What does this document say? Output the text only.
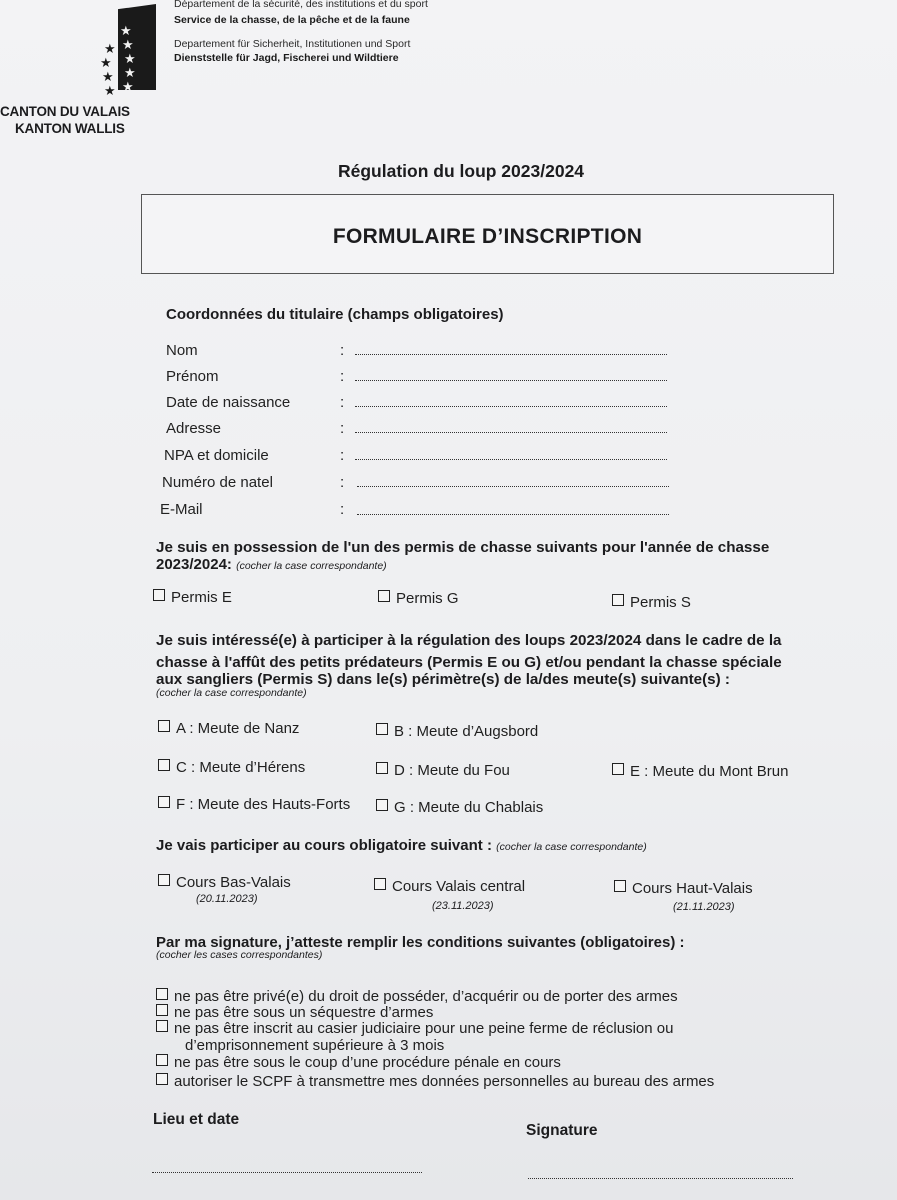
★
★
★
★
★
★
★
★
★
★
CANTON DU VALAIS
KANTON WALLIS
Département de la sécurité, des institutions et du sport
Service de la chasse, de la pêche et de la faune
Departement für Sicherheit, Institutionen und Sport
Dienststelle für Jagd, Fischerei und Wildtiere
Régulation du loup 2023/2024
FORMULAIRE D’INSCRIPTION
Coordonnées du titulaire (champs obligatoires)
Nom	:
Prénom	:
Date de naissance	:
Adresse	:
NPA et domicile	:
Numéro de natel	:
E-Mail	:
Je suis en possession de l'un des permis de chasse suivants pour l'année de chasse
2023/2024: (cocher la case correspondante)
Permis E	Permis G	Permis S
Je suis intéressé(e) à participer à la régulation des loups 2023/2024 dans le cadre de la
chasse à l'affût des petits prédateurs (Permis E ou G) et/ou pendant la chasse spéciale
aux sangliers (Permis S) dans le(s) périmètre(s) de la/des meute(s) suivante(s) :
(cocher la case correspondante)
A : Meute de Nanz	B : Meute d’Augsbord
C : Meute d’Hérens	D : Meute du Fou	E : Meute du Mont Brun
F : Meute des Hauts-Forts	G : Meute du Chablais
Je vais participer au cours obligatoire suivant : (cocher la case correspondante)
Cours Bas-Valais
(20.11.2023)
Cours Valais central
(23.11.2023)
Cours Haut-Valais
(21.11.2023)
Par ma signature, j’atteste remplir les conditions suivantes (obligatoires) :
(cocher les cases correspondantes)
ne pas être privé(e) du droit de posséder, d’acquérir ou de porter des armes
ne pas être sous un séquestre d’armes
ne pas être inscrit au casier judiciaire pour une peine ferme de réclusion ou
d’emprisonnement supérieure à 3 mois
ne pas être sous le coup d’une procédure pénale en cours
autoriser le SCPF à transmettre mes données personnelles au bureau des armes
Lieu et date
Signature
